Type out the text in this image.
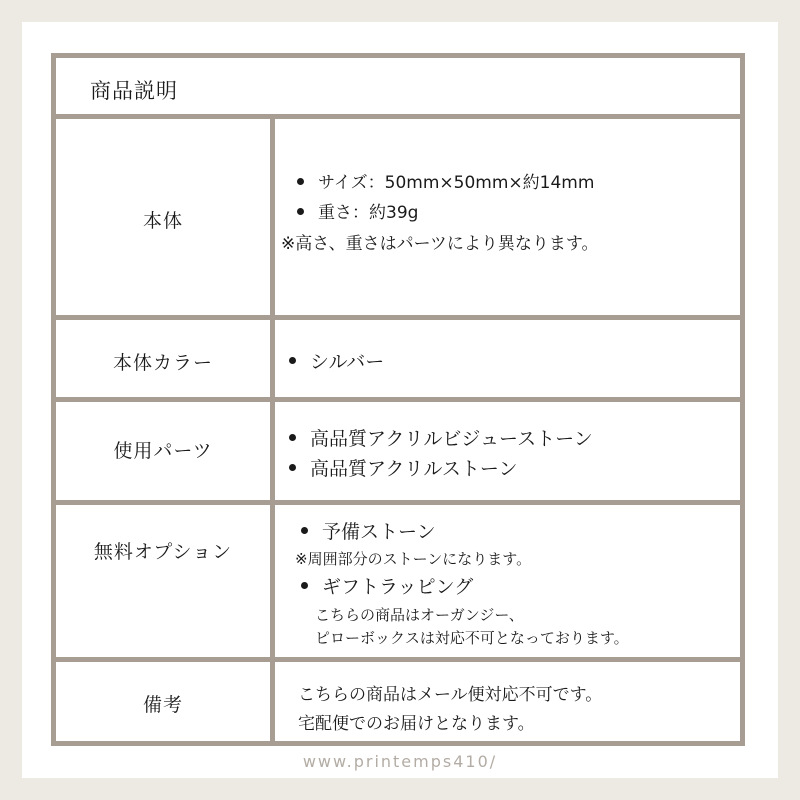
商品説明
本体
サイズ：50mm×50mm×約14mm
重さ：約39g
※高さ、重さはパーツにより異なります。
本体カラー	シルバー
使用パーツ
高品質アクリルビジューストーン
高品質アクリルストーン
無料オプション
予備ストーン
※周囲部分のストーンになります。
ギフトラッピング
こちらの商品はオーガンジー、
ピローボックスは対応不可となっております。
備考	こちらの商品はメール便対応不可です。
宅配便でのお届けとなります。
www.printemps410/
